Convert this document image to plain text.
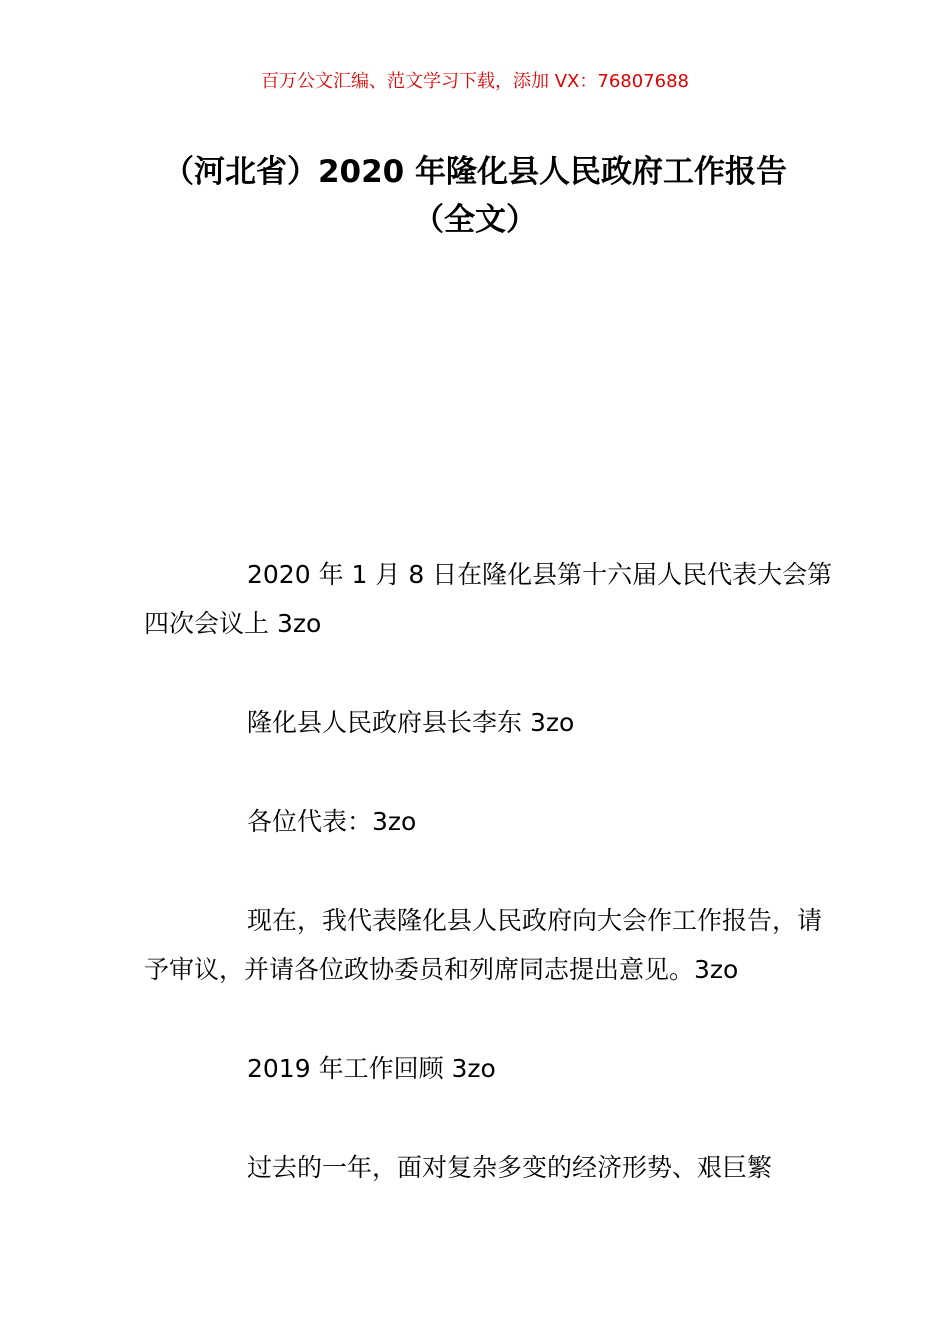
百万公文汇编、范文学习下载，添加 VX：76807688
（河北省）2020 年隆化县人民政府工作报告（全文）

2020 年 1 月 8 日在隆化县第十六届人民代表大会第四次会议上 3zo

隆化县人民政府县长李东 3zo

各位代表：3zo

现在，我代表隆化县人民政府向大会作工作报告，请予审议，并请各位政协委员和列席同志提出意见。3zo

2019 年工作回顾 3zo

过去的一年，面对复杂多变的经济形势、艰巨繁
